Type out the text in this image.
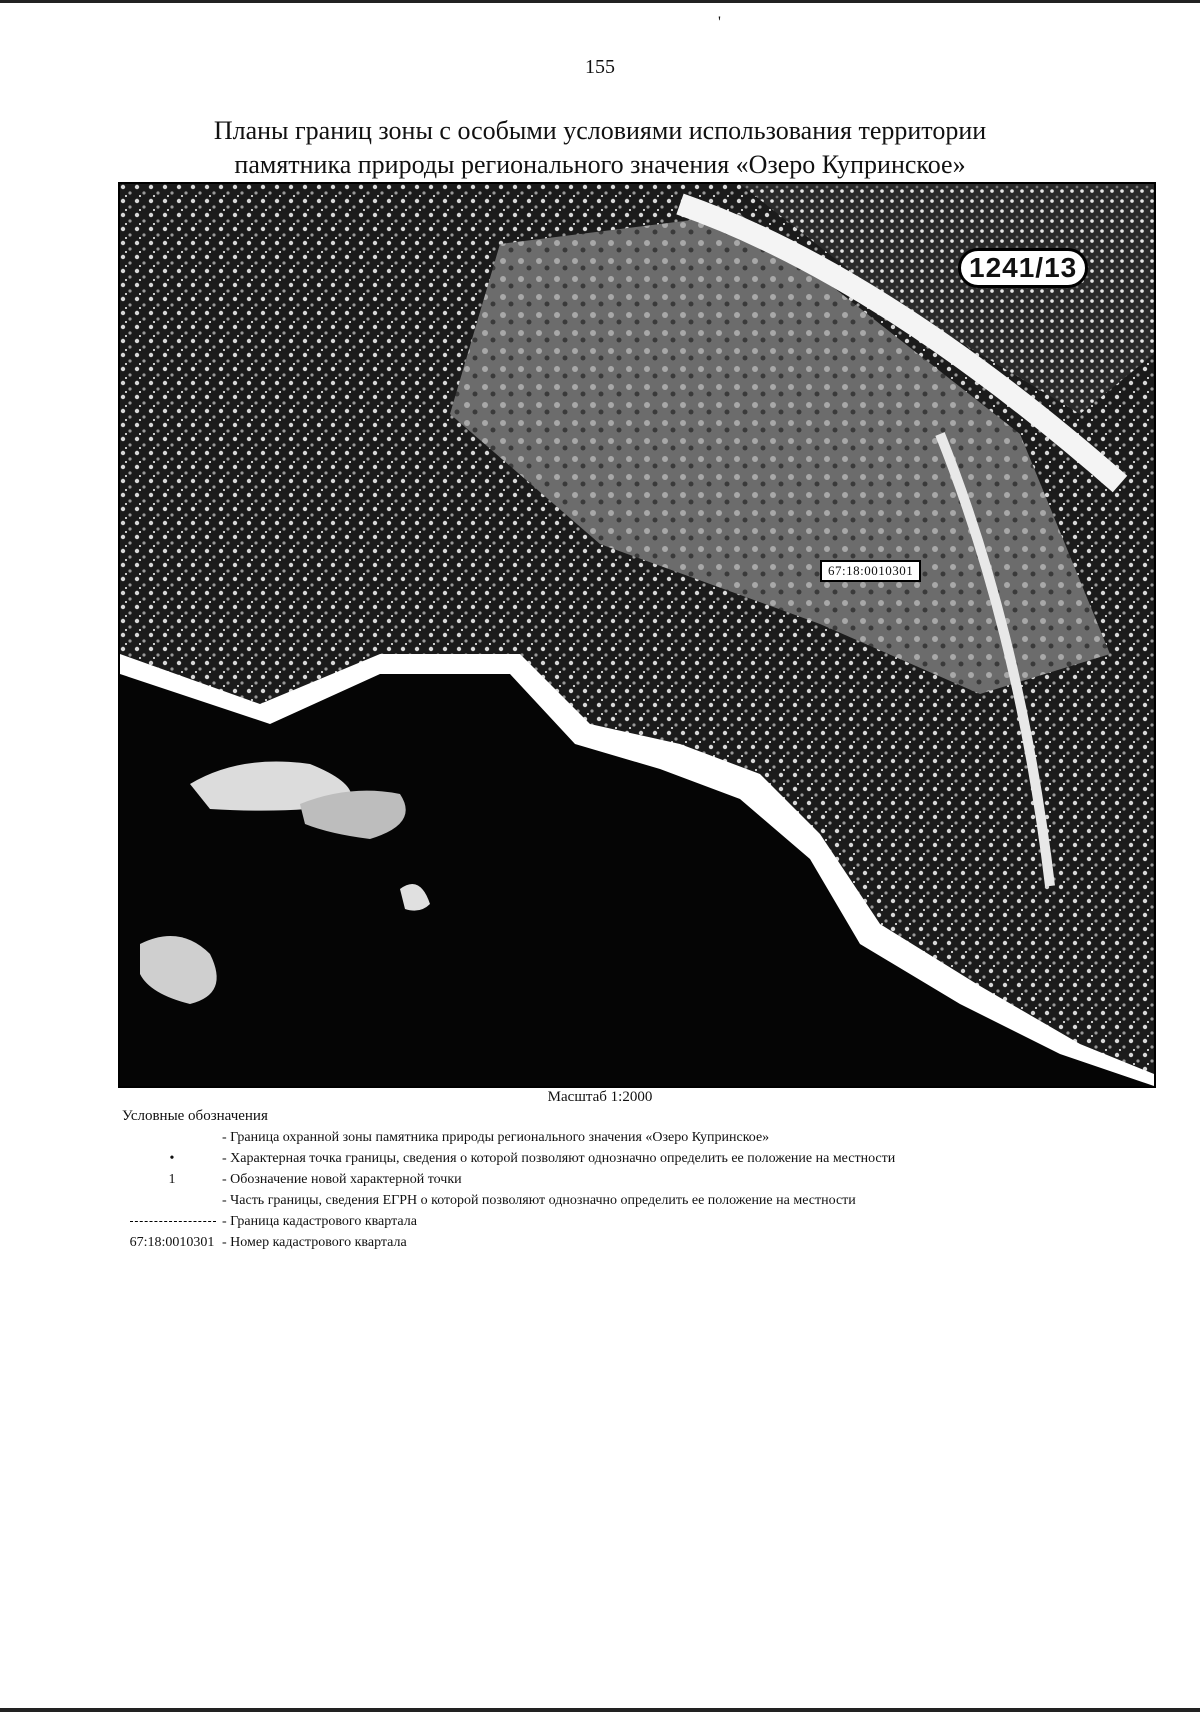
'
155
Планы границ зоны с особыми условиями использования территории
памятника природы регионального значения «Озеро Купринское»
1241/13
67:18:0010301
Масштаб 1:2000
Условные обозначения
- Граница охранной зоны памятника природы регионального значения «Озеро Купринское»
•	- Характерная точка границы, сведения о которой позволяют однозначно определить ее положение на местности
1	- Обозначение новой характерной точки
- Часть границы, сведения ЕГРН о которой позволяют однозначно определить ее положение на местности
- Граница кадастрового квартала
67:18:0010301 - Номер кадастрового квартала
